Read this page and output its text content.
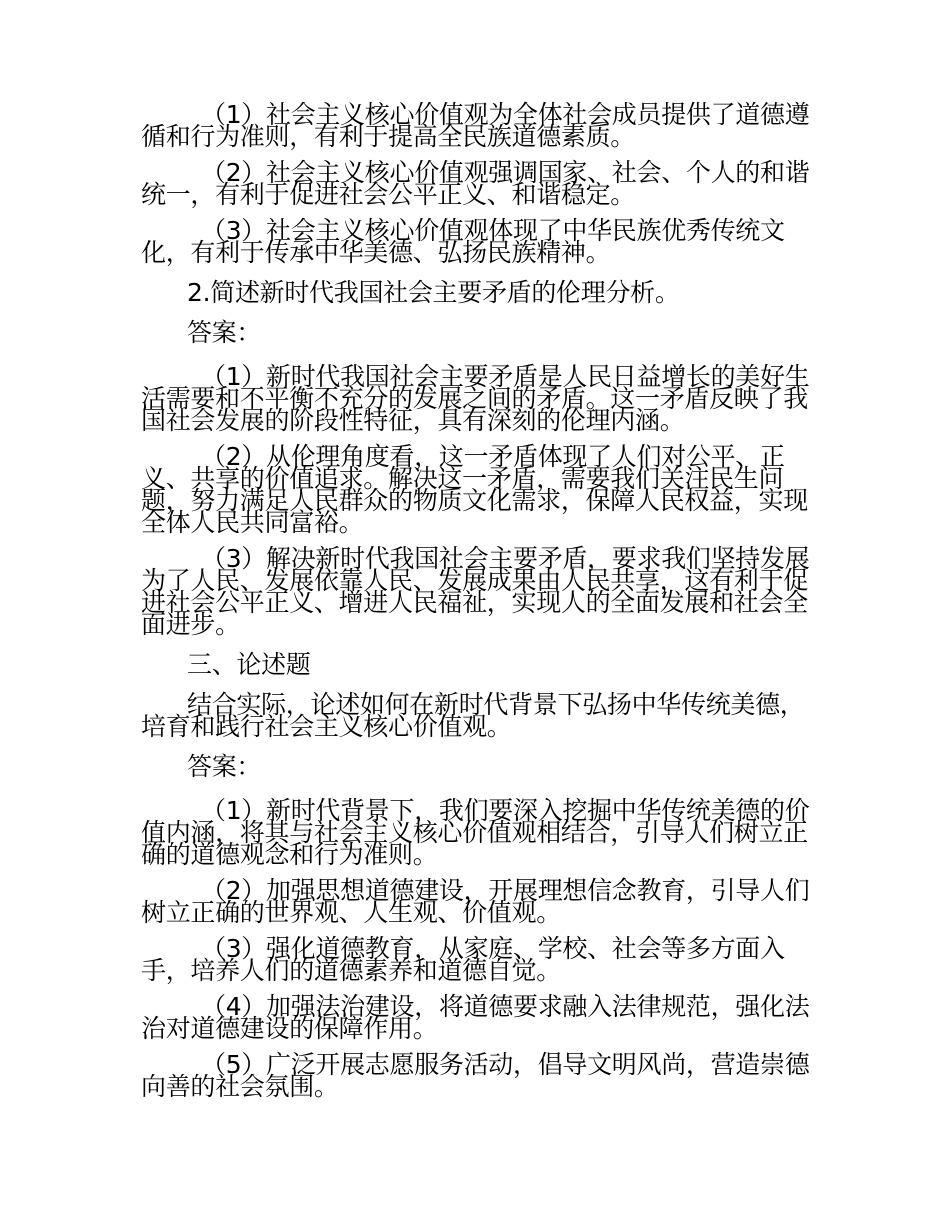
（1）社会主义核心价值观为全体社会成员提供了道德遵循和行为准则，有利于提高全民族道德素质。

（2）社会主义核心价值观强调国家、社会、个人的和谐统一，有利于促进社会公平正义、和谐稳定。

（3）社会主义核心价值观体现了中华民族优秀传统文化，有利于传承中华美德、弘扬民族精神。

2.简述新时代我国社会主要矛盾的伦理分析。

答案：

（1）新时代我国社会主要矛盾是人民日益增长的美好生活需要和不平衡不充分的发展之间的矛盾。这一矛盾反映了我国社会发展的阶段性特征，具有深刻的伦理内涵。

（2）从伦理角度看，这一矛盾体现了人们对公平、正义、共享的价值追求。解决这一矛盾，需要我们关注民生问题，努力满足人民群众的物质文化需求，保障人民权益，实现全体人民共同富裕。

（3）解决新时代我国社会主要矛盾，要求我们坚持发展为了人民、发展依靠人民、发展成果由人民共享，这有利于促进社会公平正义、增进人民福祉，实现人的全面发展和社会全面进步。

三、论述题

结合实际，论述如何在新时代背景下弘扬中华传统美德，培育和践行社会主义核心价值观。

答案：

（1）新时代背景下，我们要深入挖掘中华传统美德的价值内涵，将其与社会主义核心价值观相结合，引导人们树立正确的道德观念和行为准则。

（2）加强思想道德建设，开展理想信念教育，引导人们树立正确的世界观、人生观、价值观。

（3）强化道德教育，从家庭、学校、社会等多方面入手，培养人们的道德素养和道德自觉。

（4）加强法治建设，将道德要求融入法律规范，强化法治对道德建设的保障作用。

（5）广泛开展志愿服务活动，倡导文明风尚，营造崇德向善的社会氛围。
